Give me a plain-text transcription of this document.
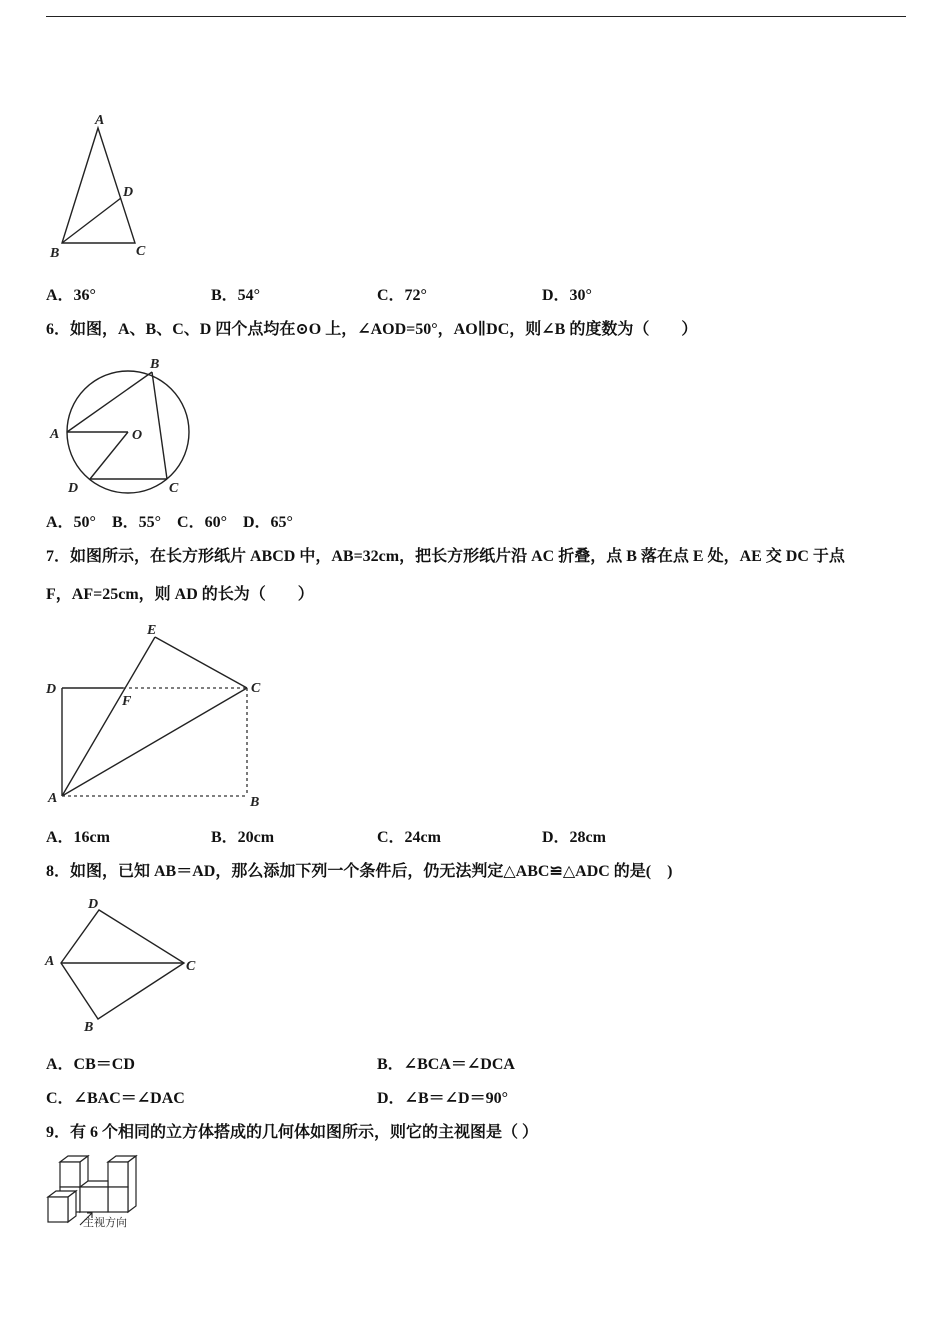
A
B	C
D
A．36°	B．54°	C．72°	D．30°
6．如图，A、B、C、D 四个点均在⊙O 上，∠AOD=50°，AO∥DC，则∠B 的度数为（　　）
B
A	O
D	C
A．50°　B．55°　C．60°　D．65°
7．如图所示，在长方形纸片 ABCD 中，AB=32cm，把长方形纸片沿 AC 折叠，点 B 落在点 E 处，AE 交 DC 于点
F，AF=25cm，则 AD 的长为（　　）
E
D	C
F
A	B
A．16cm	B．20cm	C．24cm	D．28cm
8．如图，已知 AB＝AD，那么添加下列一个条件后，仍无法判定△ABC≌△ADC 的是(　)
D
A	C
B
A．CB＝CD	B．∠BCA＝∠DCA
C．∠BAC＝∠DAC	D．∠B＝∠D＝90°
9．有 6 个相同的立方体搭成的几何体如图所示，则它的主视图是（ ）
主视方向
